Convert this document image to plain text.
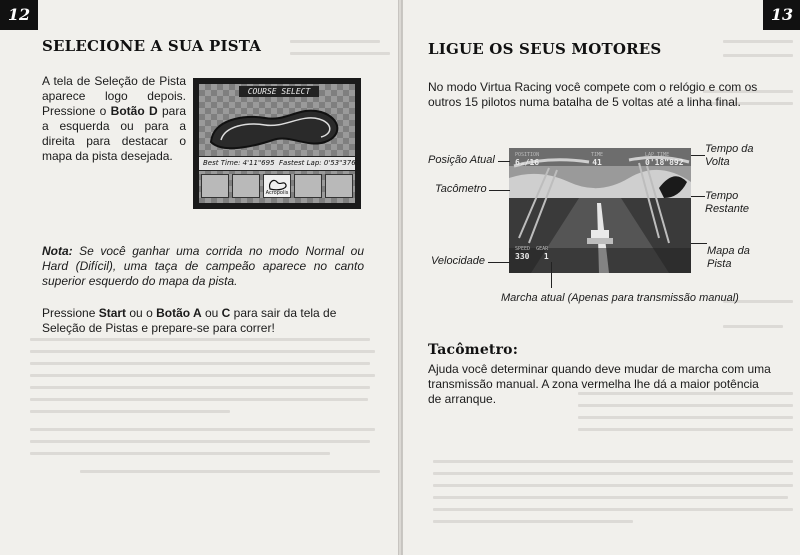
12
SELECIONE A SUA PISTA

A tela de Seleção de Pista aparece logo depois. Pressione o Botão D para a esquerda ou para a direita para destacar o mapa da pista desejada.

COURSE SELECT
Best Time: 4'11"695 Fastest Lap: 0'53"376
Acropolis

Nota: Se você ganhar uma corrida no modo Normal ou Hard (Difícil), uma taça de campeão aparece no canto superior esquerdo do mapa da pista.

Pressione Start ou o Botão A ou C para sair da tela de Seleção de Pistas e prepare-se para correr!

13
LIGUE OS SEUS MOTORES

No modo Virtua Racing você compete com o relógio e com os outros 15 pilotos numa batalha de 5 voltas até a linha final.

POSITION
6ₐ/16
TIME
41
LAP TIME
0'18"892
SPEED GEAR
330 1
Posição Atual
Tacômetro
Velocidade
Tempo da Volta
Tempo Restante
Mapa da Pista
Marcha atual (Apenas para transmissão manual)
Tacômetro:

Ajuda você determinar quando deve mudar de marcha com uma transmissão manual. A zona vermelha lhe dá a maior potência de arranque.
